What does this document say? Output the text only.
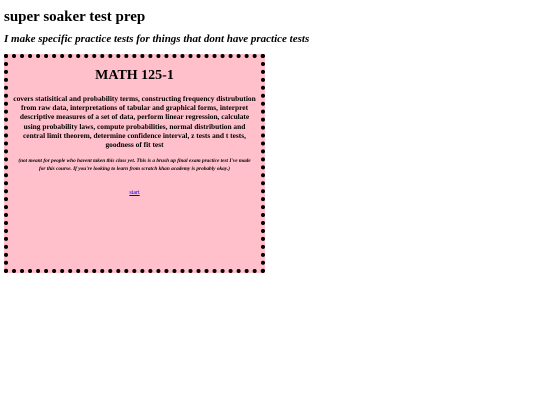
super soaker test prep

I make specific practice tests for things that dont have practice tests

MATH 125-1

covers statisitical and probability terms, constructing frequency distrubution from raw data, interpretations of tabular and graphical forms, interpret descriptive measures of a set of data, perform linear regression, calculate using probability laws, compute probabilities, normal distribution and central limit theorem, determine confidence interval, z tests and t tests, goodness of fit test

(not meant for people who havent taken this class yet. This is a brush up final exam practice test I've made for this course. If you're looking to learn from scratch khan academy is probably okay.)

start
